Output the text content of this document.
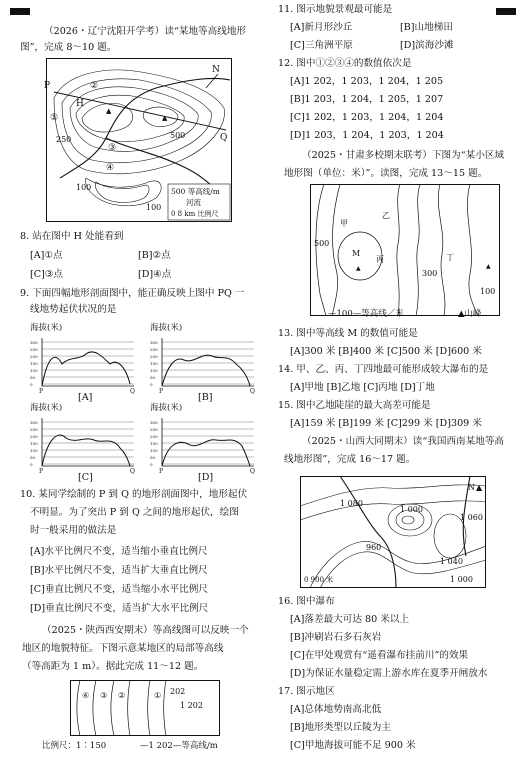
（2026・辽宁沈阳开学考）读“某地等高线地形
图”，完成 8～10 题。
▲
▲
H
①
②
③
④
P
Q
250	500
100
100
N
500 等高线/m
河流
0 8 km 比例尺
8. 站在图中 H 处能看到
[A]①点	[B]②点
[C]③点	[D]④点
9. 下面四幅地形剖面图中，能正确反映上图中 PQ 一
线地势起伏状况的是
海拔(米)
300
250
200
150
100
50
0
P	Q
[A]
海拔(米)
300
250
200
150
100
50
0
P	Q
[B]
海拔(米)
300
250
200
150
100
50
0
P	Q
[C]
海拔(米)
300
250
200
150
100
50
0
P	Q
[D]
10. 某同学绘制的 P 到 Q 的地形剖面图中，地形起伏
不明显。为了突出 P 到 Q 之间的地形起伏，绘图
时一般采用的做法是
[A]水平比例尺不变，适当缩小垂直比例尺
[B]水平比例尺不变，适当扩大垂直比例尺
[C]垂直比例尺不变，适当缩小水平比例尺
[D]垂直比例尺不变，适当扩大水平比例尺
（2025・陕西西安期末）等高线图可以反映一个
地区的地貌特征。下图示意某地区的局部等高线
（等高距为 1 m）。据此完成 11～12 题。
④ ③ ②	① 202
1 202
比例尺：1∶150	—1 202—等高线/m
11. 图示地貌景观最可能是
[A]新月形沙丘	[B]山地梯田
[C]三角洲平原	[D]滨海沙滩
12. 图中①②③④的数值依次是
[A]1 202，1 203，1 204，1 205
[B]1 203，1 204，1 205，1 207
[C]1 202，1 203，1 204，1 204
[D]1 203，1 204，1 203，1 204
（2025・甘肃多校期末联考）下图为“某小区域
地形图（单位：米）”。读图，完成 13～15 题。
甲
乙
丙	丁
M
500
300
100
▲	▲
—100—等高线／米	▲山峰
13. 图中等高线 M 的数值可能是
[A]300 米 [B]400 米 [C]500 米 [D]600 米
14. 甲、乙、丙、丁四地最可能形成较大瀑布的是
[A]甲地 [B]乙地 [C]丙地 [D]丁地
15. 图中乙地陡崖的最大高差可能是
[A]159 米 [B]199 米 [C]299 米 [D]309 米
（2025・山西大同期末）读“我国西南某地等高
线地形图”，完成 16～17 题。
1 080
1 060
960
1 000
1 040
1 000
N ▲
0 900 米
16. 图中瀑布
[A]落差最大可达 80 米以上
[B]冲刷岩石多石灰岩
[C]在甲处观赏有“遥看瀑布挂前川”的效果
[D]为保证水量稳定需上游水库在夏季开闸放水
17. 图示地区
[A]总体地势南高北低
[B]地形类型以丘陵为主
[C]甲地海拔可能不足 900 米
